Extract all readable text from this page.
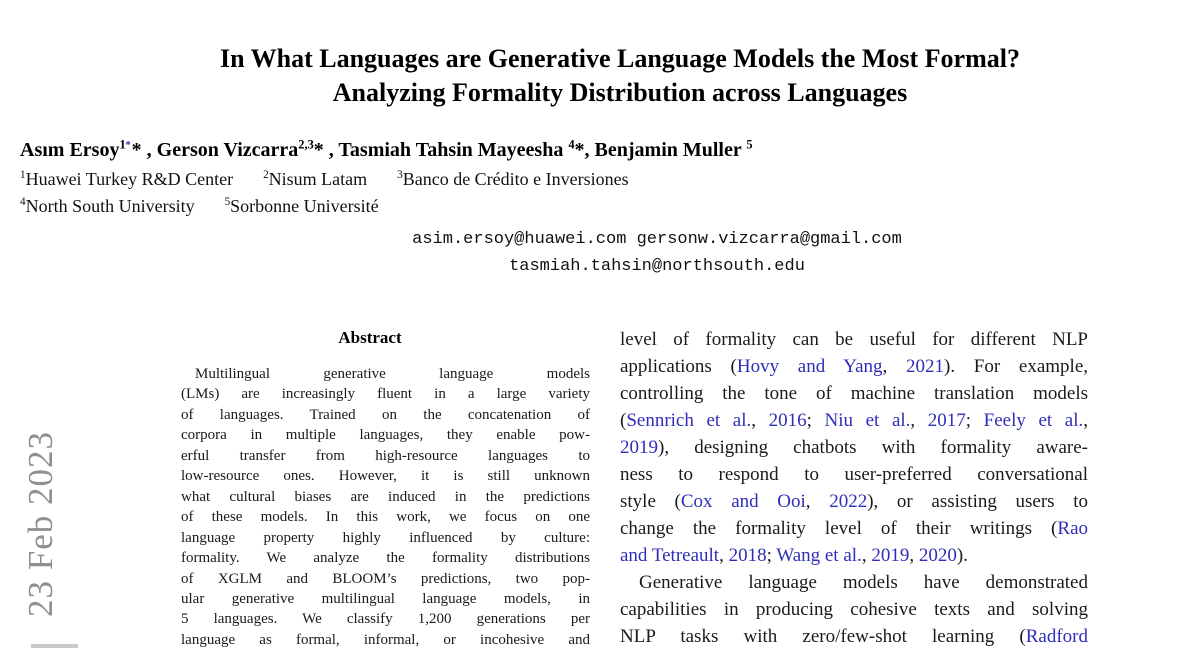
23 Feb 2023
In What Languages are Generative Language Models the Most Formal?
Analyzing Formality Distribution across Languages
Asım Ersoy$^{1*}$* , Gerson Vizcarra$^{2,3}$* , Tasmiah Tahsin Mayeesha $^4$*, Benjamin Muller $^5$
$^1$Huawei Turkey R&D Center	$^2$Nisum Latam	$^3$Banco de Crédito e Inversiones
$^4$North South University	$^5$Sorbonne Université
asim.ersoy@huawei.com gersonw.vizcarra@gmail.com
tasmiah.tahsin@northsouth.edu
Abstract
Multilingual generative language models
(LMs) are increasingly fluent in a large variety
of languages. Trained on the concatenation of
corpora in multiple languages, they enable pow-
erful transfer from high-resource languages to
low-resource ones. However, it is still unknown
what cultural biases are induced in the predictions
of these models. In this work, we focus on one
language property highly influenced by culture:
formality. We analyze the formality distributions
of XGLM and BLOOM’s predictions, two pop-
ular generative multilingual language models, in
5 languages. We classify 1,200 generations per
language as formal, informal, or incohesive and
level of formality can be useful for different NLP
applications (Hovy and Yang, 2021). For example,
controlling the tone of machine translation models
(Sennrich et al., 2016; Niu et al., 2017; Feely et al.,
2019), designing chatbots with formality aware-
ness to respond to user-preferred conversational
style (Cox and Ooi, 2022), or assisting users to
change the formality level of their writings (Rao
and Tetreault, 2018; Wang et al., 2019, 2020).
Generative language models have demonstrated
capabilities in producing cohesive texts and solving
NLP tasks with zero/few-shot learning (Radford
